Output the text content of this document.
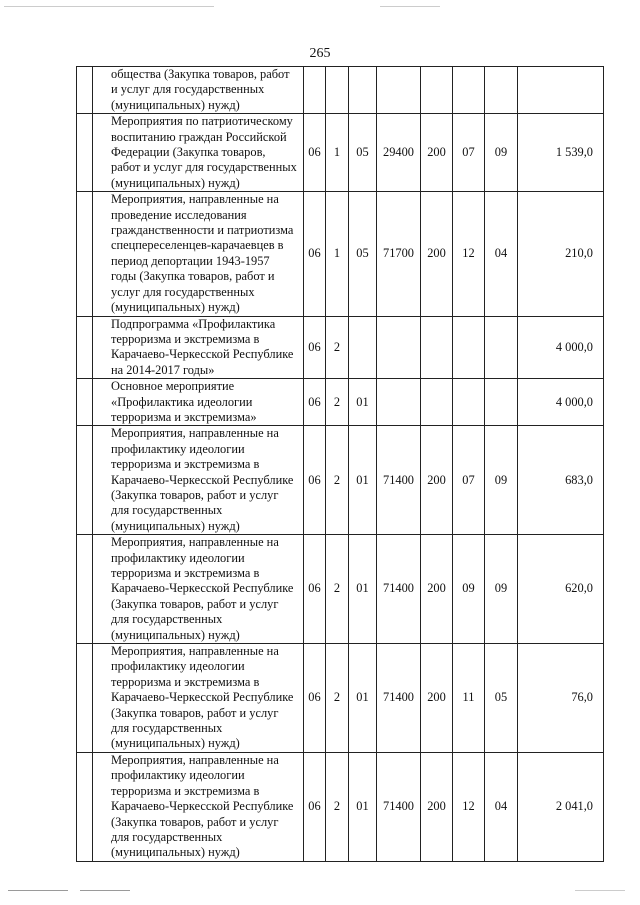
265
	общества (Закупка товаров, работ и услуг для государственных (муниципальных) нужд)								
	Мероприятия по патриотическому воспитанию граждан Российской Федерации (Закупка товаров, работ и услуг для государственных (муниципальных) нужд)	06	1	05	29400	200	07	09	1 539,0
	Мероприятия, направленные на проведение исследования гражданственности и патриотизма спецпереселенцев-карачаевцев в период депортации 1943-1957 годы (Закупка товаров, работ и услуг для государственных (муниципальных) нужд)	06	1	05	71700	200	12	04	210,0
	Подпрограмма «Профилактика терроризма и экстремизма в Карачаево-Черкесской Республике на 2014-2017 годы»	06	2						4 000,0
	Основное мероприятие «Профилактика идеологии терроризма и экстремизма»	06	2	01					4 000,0
	Мероприятия, направленные на профилактику идеологии терроризма и экстремизма в Карачаево-Черкесской Республике (Закупка товаров, работ и услуг для государственных (муниципальных) нужд)	06	2	01	71400	200	07	09	683,0
	Мероприятия, направленные на профилактику идеологии терроризма и экстремизма в Карачаево-Черкесской Республике (Закупка товаров, работ и услуг для государственных (муниципальных) нужд)	06	2	01	71400	200	09	09	620,0
	Мероприятия, направленные на профилактику идеологии терроризма и экстремизма в Карачаево-Черкесской Республике (Закупка товаров, работ и услуг для государственных (муниципальных) нужд)	06	2	01	71400	200	11	05	76,0
	Мероприятия, направленные на профилактику идеологии терроризма и экстремизма в Карачаево-Черкесской Республике (Закупка товаров, работ и услуг для государственных (муниципальных) нужд)	06	2	01	71400	200	12	04	2 041,0
